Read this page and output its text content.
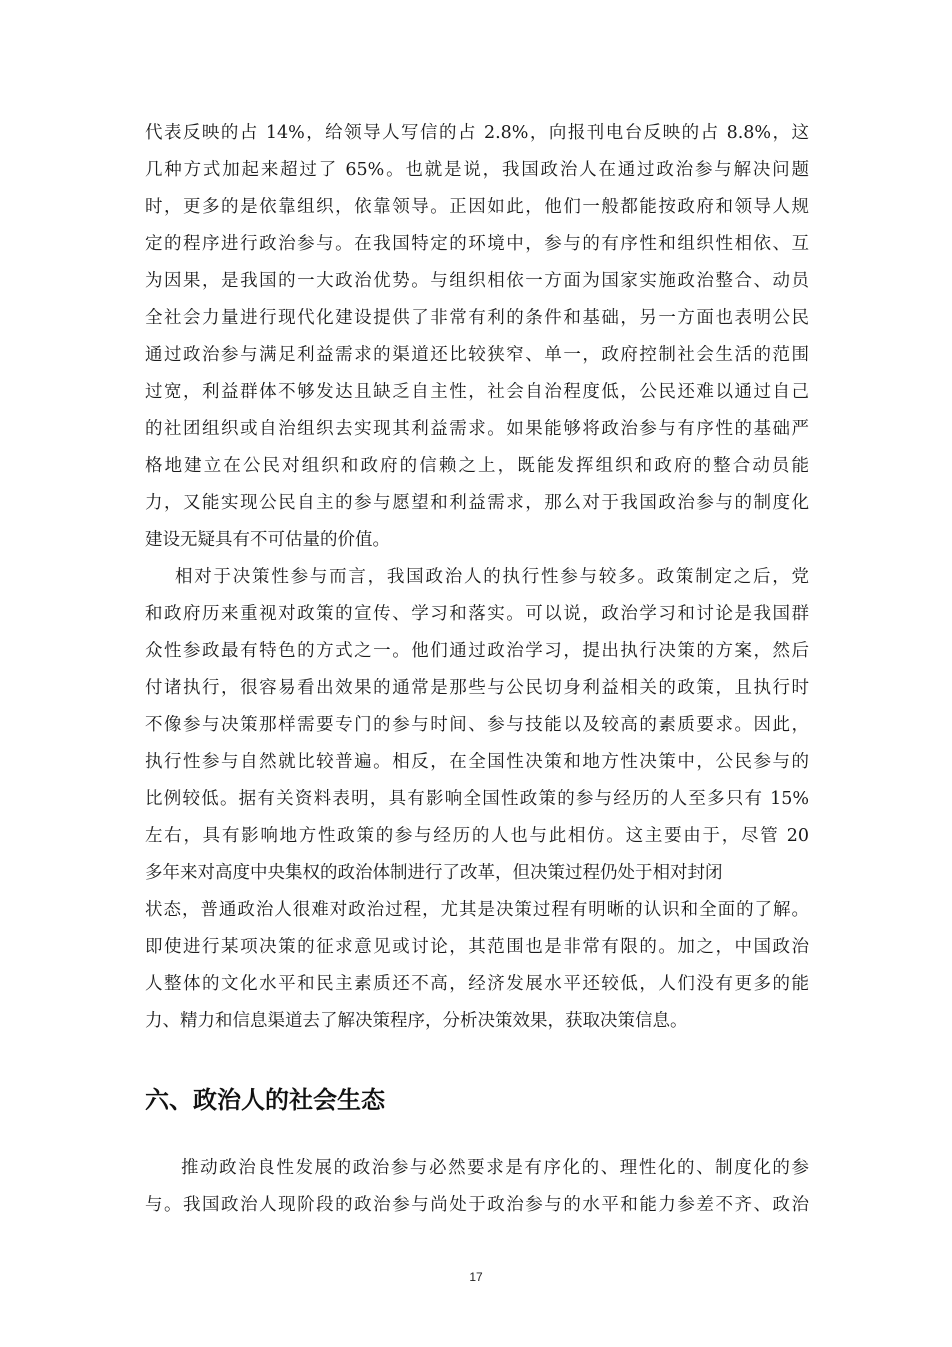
代表反映的占 14%，给领导人写信的占 2.8%，向报刊电台反映的占 8.8%，这
几种方式加起来超过了 65%。也就是说，我国政治人在通过政治参与解决问题
时，更多的是依靠组织，依靠领导。正因如此，他们一般都能按政府和领导人规
定的程序进行政治参与。在我国特定的环境中，参与的有序性和组织性相依、互
为因果，是我国的一大政治优势。与组织相依一方面为国家实施政治整合、动员
全社会力量进行现代化建设提供了非常有利的条件和基础，另一方面也表明公民
通过政治参与满足利益需求的渠道还比较狭窄、单一，政府控制社会生活的范围
过宽，利益群体不够发达且缺乏自主性，社会自治程度低，公民还难以通过自己
的社团组织或自治组织去实现其利益需求。如果能够将政治参与有序性的基础严
格地建立在公民对组织和政府的信赖之上，既能发挥组织和政府的整合动员能
力，又能实现公民自主的参与愿望和利益需求，那么对于我国政治参与的制度化
建设无疑具有不可估量的价值。
相对于决策性参与而言，我国政治人的执行性参与较多。政策制定之后，党
和政府历来重视对政策的宣传、学习和落实。可以说，政治学习和讨论是我国群
众性参政最有特色的方式之一。他们通过政治学习，提出执行决策的方案，然后
付诸执行，很容易看出效果的通常是那些与公民切身利益相关的政策，且执行时
不像参与决策那样需要专门的参与时间、参与技能以及较高的素质要求。因此，
执行性参与自然就比较普遍。相反，在全国性决策和地方性决策中，公民参与的
比例较低。据有关资料表明，具有影响全国性政策的参与经历的人至多只有 15%
左右，具有影响地方性政策的参与经历的人也与此相仿。这主要由于，尽管 20
多年来对高度中央集权的政治体制进行了改革，但决策过程仍处于相对封闭
状态，普通政治人很难对政治过程，尤其是决策过程有明晰的认识和全面的了解。
即使进行某项决策的征求意见或讨论，其范围也是非常有限的。加之，中国政治
人整体的文化水平和民主素质还不高，经济发展水平还较低，人们没有更多的能
力、精力和信息渠道去了解决策程序，分析决策效果，获取决策信息。
六、政治人的社会生态
推动政治良性发展的政治参与必然要求是有序化的、理性化的、制度化的参
与。我国政治人现阶段的政治参与尚处于政治参与的水平和能力参差不齐、政治
17
